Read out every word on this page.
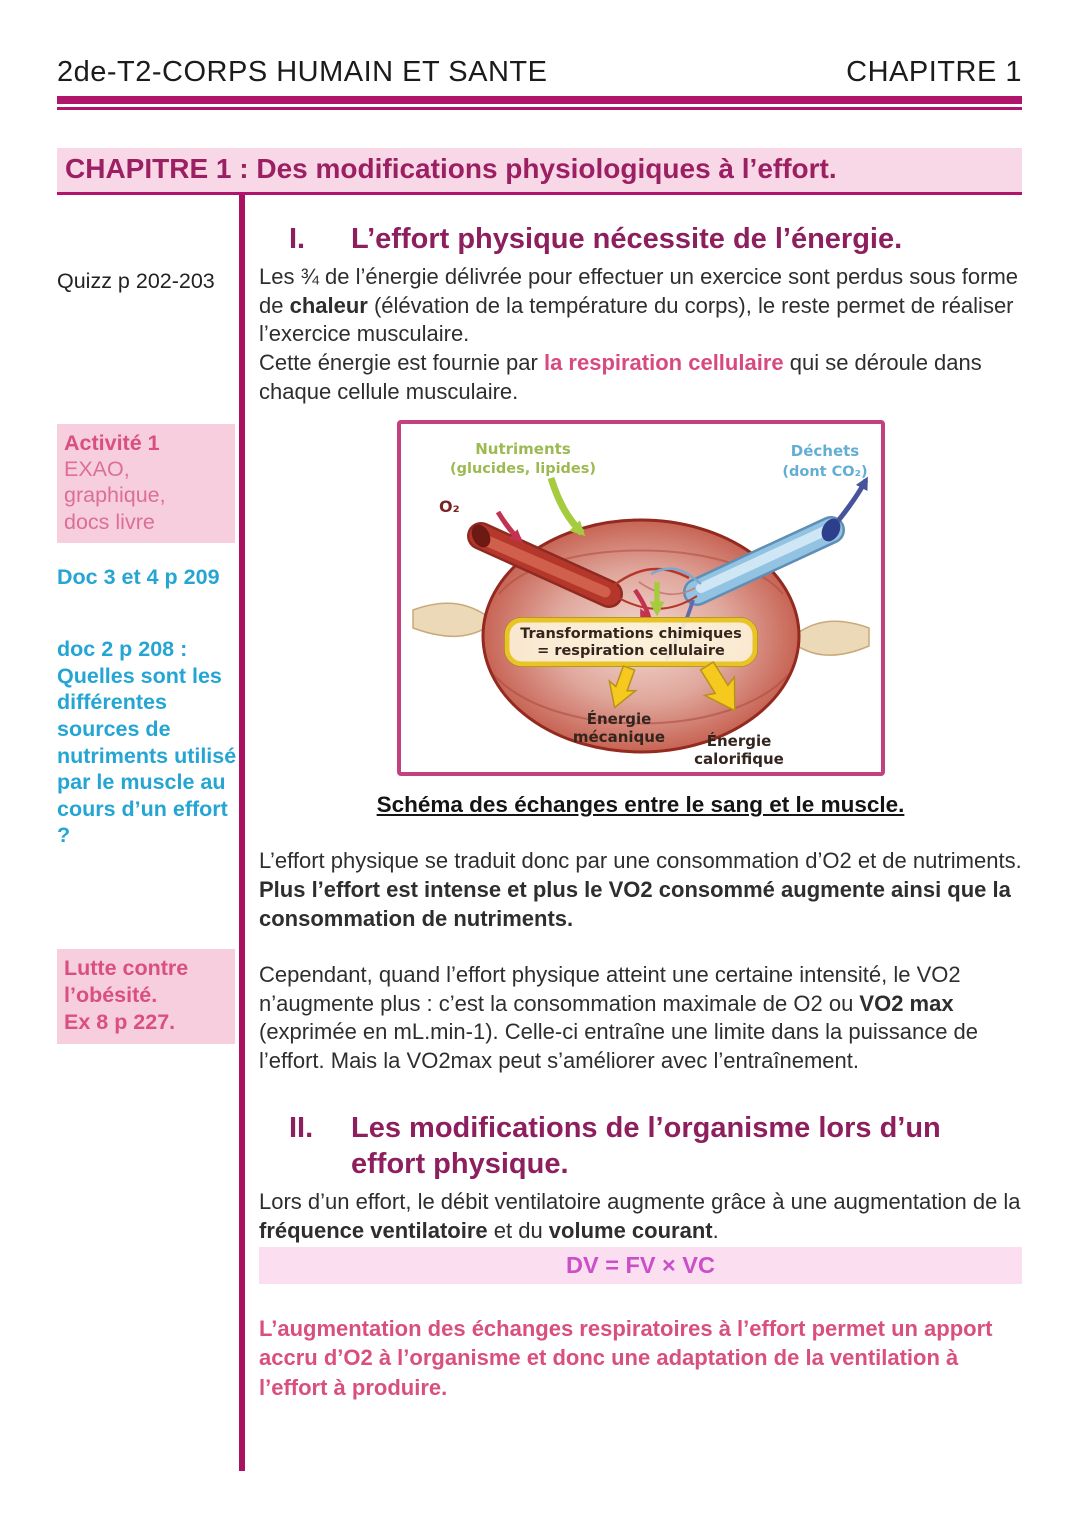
2de-T2-CORPS HUMAIN ET SANTE	CHAPITRE 1
CHAPITRE 1 : Des modifications physiologiques à l’effort.
Quizz p 202-203
Activité 1
EXAO,
graphique,
docs livre
Doc 3 et 4 p 209
doc 2 p 208 : Quelles sont les différentes sources de nutriments utilisé par le muscle au cours d’un effort ?
Lutte contre
l’obésité.
Ex 8 p 227.
I.	L’effort physique nécessite de l’énergie.

Les ¾ de l’énergie délivrée pour effectuer un exercice sont perdus sous forme de chaleur (élévation de la température du corps), le reste permet de réaliser l’exercice musculaire.

Cette énergie est fournie par la respiration cellulaire qui se déroule dans chaque cellule musculaire.

Transformations chimiques
= respiration cellulaire
Nutriments
(glucides, lipides)
O₂
Déchets
(dont CO₂)
Énergie
mécanique	Énergie
calorifique
Schéma des échanges entre le sang et le muscle.

L’effort physique se traduit donc par une consommation d’O2 et de nutriments.

Plus l’effort est intense et plus le VO2 consommé augmente ainsi que la consommation de nutriments.

Cependant, quand l’effort physique atteint une certaine intensité, le VO2 n’augmente plus : c’est la consommation maximale de O2 ou VO2 max (exprimée en mL.min-1). Celle-ci entraîne une limite dans la puissance de l’effort. Mais la VO2max peut s’améliorer avec l’entraînement.

II.	Les modifications de l’organisme lors d’un effort physique.

Lors d’un effort, le débit ventilatoire augmente grâce à une augmentation de la fréquence ventilatoire et du volume courant.

DV = FV × VC

L’augmentation des échanges respiratoires à l’effort permet un apport accru d’O2 à l’organisme et donc une adaptation de la ventilation à l’effort à produire.
